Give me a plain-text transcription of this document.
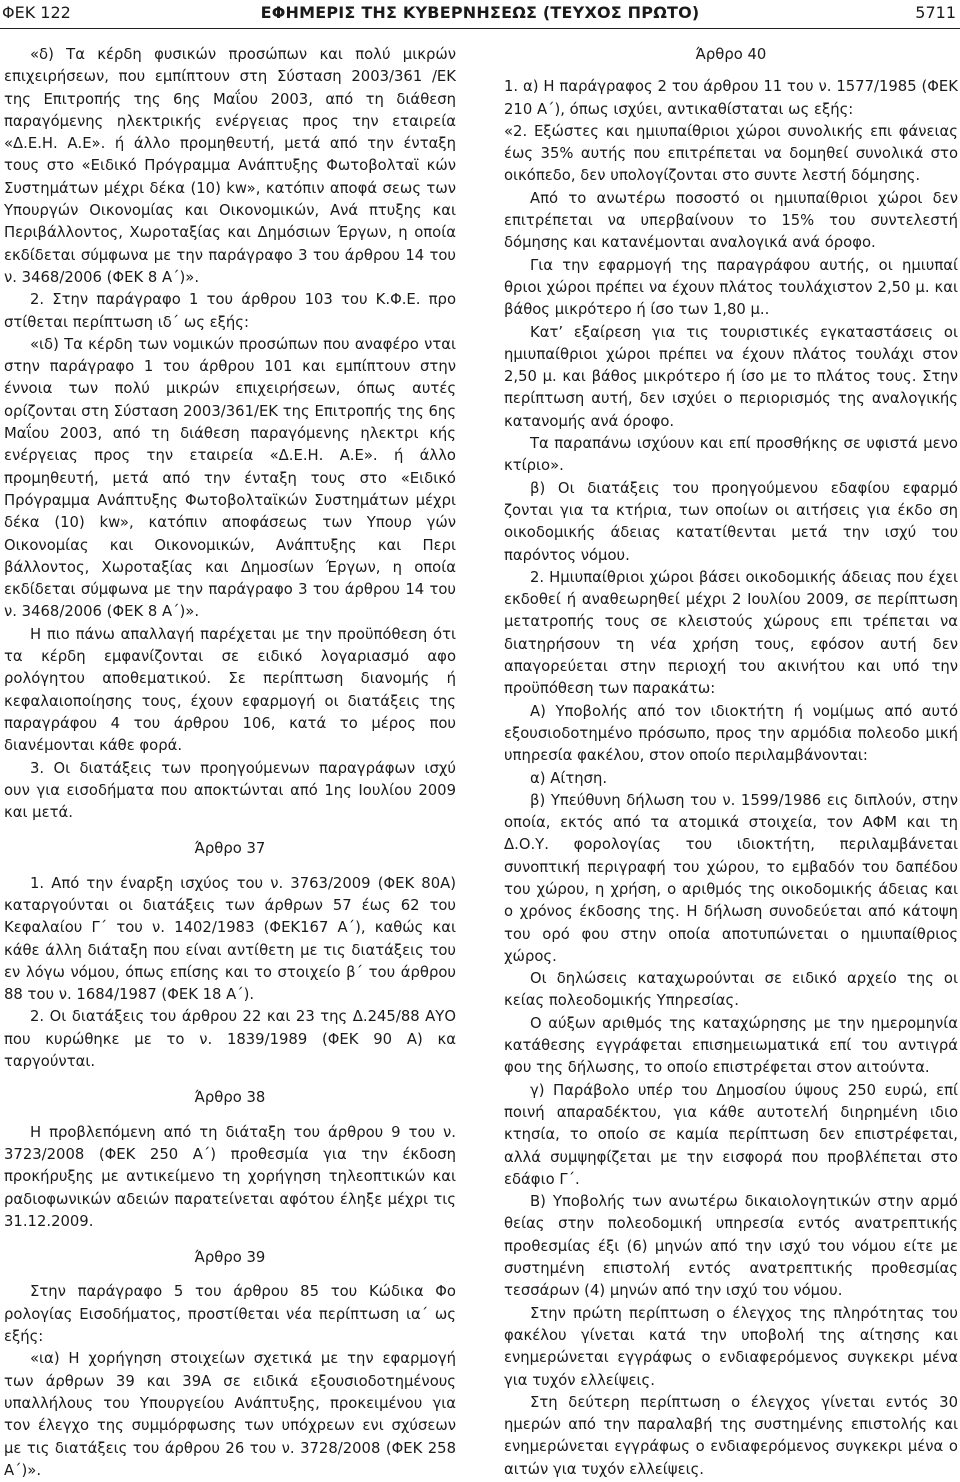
ΦΕΚ 122	ΕΦΗΜΕΡΙΣ ΤΗΣ ΚΥΒΕΡΝΗΣΕΩΣ (ΤΕΥΧΟΣ ΠΡΩΤΟ)	5711

«δ) Τα κέρδη φυσικών προσώπων και πολύ μικρών επιχειρήσεων, που εμπίπτουν στη Σύσταση 2003/361 /ΕΚ της Επιτροπής της 6ης Μαΐου 2003, από τη διάθεση παραγόμενης ηλεκτρικής ενέργειας προς την εταιρεία «Δ.Ε.Η. Α.Ε». ή άλλο προμηθευτή, μετά από την ένταξη τους στο «Ειδικό Πρόγραμμα Ανάπτυξης Φωτοβολταϊ κών Συστημάτων μέχρι δέκα (10) kw», κατόπιν αποφά σεως των Υπουργών Οικονομίας και Οικονομικών, Ανά πτυξης και Περιβάλλοντος, Χωροταξίας και Δημόσιων Έργων, η οποία εκδίδεται σύμφωνα με την παράγραφο 3 του άρθρου 14 του ν. 3468/2006 (ΦΕΚ 8 Α΄)».

2. Στην παράγραφο 1 του άρθρου 103 του Κ.Φ.Ε. προ στίθεται περίπτωση ιδ΄ ως εξής:

«ιδ) Τα κέρδη των νομικών προσώπων που αναφέρο νται στην παράγραφο 1 του άρθρου 101 και εμπίπτουν στην έννοια των πολύ μικρών επιχειρήσεων, όπως αυτές ορίζονται στη Σύσταση 2003/361/ΕΚ της Επιτροπής της 6ης Μαΐου 2003, από τη διάθεση παραγόμενης ηλεκτρι κής ενέργειας προς την εταιρεία «Δ.Ε.Η. Α.Ε». ή άλλο προμηθευτή, μετά από την ένταξη τους στο «Ειδικό Πρόγραμμα Ανάπτυξης Φωτοβολταϊκών Συστημάτων μέχρι δέκα (10) kw», κατόπιν αποφάσεως των Υπουρ γών Οικονομίας και Οικονομικών, Ανάπτυξης και Περι βάλλοντος, Χωροταξίας και Δημοσίων Έργων, η οποία εκδίδεται σύμφωνα με την παράγραφο 3 του άρθρου 14 του ν. 3468/2006 (ΦΕΚ 8 Α΄)».

Η πιο πάνω απαλλαγή παρέχεται με την προϋπόθεση ότι τα κέρδη εμφανίζονται σε ειδικό λογαριασμό αφο ρολόγητου αποθεματικού. Σε περίπτωση διανομής ή κεφαλαιοποίησης τους, έχουν εφαρμογή οι διατάξεις της παραγράφου 4 του άρθρου 106, κατά το μέρος που διανέμονται κάθε φορά.

3. Οι διατάξεις των προηγούμενων παραγράφων ισχύ ουν για εισοδήματα που αποκτώνται από 1ης Ιουλίου 2009 και μετά.

Άρθρο 37

1. Από την έναρξη ισχύος του ν. 3763/2009 (ΦΕΚ 80Α) καταργούνται οι διατάξεις των άρθρων 57 έως 62 του Κεφαλαίου Γ΄ του ν. 1402/1983 (ΦΕΚ167 Α΄), καθώς και κάθε άλλη διάταξη που είναι αντίθετη με τις διατάξεις του εν λόγω νόμου, όπως επίσης και το στοιχείο β΄ του άρθρου 88 του ν. 1684/1987 (ΦΕΚ 18 Α΄).

2. Οι διατάξεις του άρθρου 22 και 23 της Δ.245/88 ΑΥΟ που κυρώθηκε με το ν. 1839/1989 (ΦΕΚ 90 Α) κα ταργούνται.

Άρθρο 38

Η προβλεπόμενη από τη διάταξη του άρθρου 9 του ν. 3723/2008 (ΦΕΚ 250 Α΄) προθεσμία για την έκδοση προκήρυξης με αντικείμενο τη χορήγηση τηλεοπτικών και ραδιοφωνικών αδειών παρατείνεται αφότου έληξε μέχρι τις 31.12.2009.

Άρθρο 39

Στην παράγραφο 5 του άρθρου 85 του Κώδικα Φο ρολογίας Εισοδήματος, προστίθεται νέα περίπτωση ια΄ ως εξής:

«ια) Η χορήγηση στοιχείων σχετικά με την εφαρμογή των άρθρων 39 και 39Α σε ειδικά εξουσιοδοτημένους υπαλλήλους του Υπουργείου Ανάπτυξης, προκειμένου για τον έλεγχο της συμμόρφωσης των υπόχρεων ενι σχύσεων με τις διατάξεις του άρθρου 26 του ν. 3728/2008 (ΦΕΚ 258 Α΄)».

Άρθρο 40

1. α) Η παράγραφος 2 του άρθρου 11 του ν. 1577/1985 (ΦΕΚ 210 Α΄), όπως ισχύει, αντικαθίσταται ως εξής:

«2. Εξώστες και ημιυπαίθριοι χώροι συνολικής επι φάνειας έως 35% αυτής που επιτρέπεται να δομηθεί συνολικά στο οικόπεδο, δεν υπολογίζονται στο συντε λεστή δόμησης.

Από το ανωτέρω ποσοστό οι ημιυπαίθριοι χώροι δεν επιτρέπεται να υπερβαίνουν το 15% του συντελεστή δόμησης και κατανέμονται αναλογικά ανά όροφο.

Για την εφαρμογή της παραγράφου αυτής, οι ημιυπαί θριοι χώροι πρέπει να έχουν πλάτος τουλάχιστον 2,50 μ. και βάθος μικρότερο ή ίσο των 1,80 μ..

Κατ’ εξαίρεση για τις τουριστικές εγκαταστάσεις οι ημιυπαίθριοι χώροι πρέπει να έχουν πλάτος τουλάχι στον 2,50 μ. και βάθος μικρότερο ή ίσο με το πλάτος τους. Στην περίπτωση αυτή, δεν ισχύει ο περιορισμός της αναλογικής κατανομής ανά όροφο.

Τα παραπάνω ισχύουν και επί προσθήκης σε υφιστά μενο κτίριο».

β) Οι διατάξεις του προηγούμενου εδαφίου εφαρμό ζονται για τα κτήρια, των οποίων οι αιτήσεις για έκδο ση οικοδομικής άδειας κατατίθενται μετά την ισχύ του παρόντος νόμου.

2. Ημιυπαίθριοι χώροι βάσει οικοδομικής άδειας που έχει εκδοθεί ή αναθεωρηθεί μέχρι 2 Ιουλίου 2009, σε περίπτωση μετατροπής τους σε κλειστούς χώρους επι τρέπεται να διατηρήσουν τη νέα χρήση τους, εφόσον αυτή δεν απαγορεύεται στην περιοχή του ακινήτου και υπό την προϋπόθεση των παρακάτω:

Α) Υποβολής από τον ιδιοκτήτη ή νομίμως από αυτό εξουσιοδοτημένο πρόσωπο, προς την αρμόδια πολεοδο μική υπηρεσία φακέλου, στον οποίο περιλαμβάνονται:

α) Αίτηση.

β) Υπεύθυνη δήλωση του ν. 1599/1986 εις διπλούν, στην οποία, εκτός από τα ατομικά στοιχεία, τον ΑΦΜ και τη Δ.Ο.Υ. φορολογίας του ιδιοκτήτη, περιλαμβάνεται συνοπτική περιγραφή του χώρου, το εμβαδόν του δαπέδου του χώρου, η χρήση, ο αριθμός της οικοδομικής άδειας και ο χρόνος έκδοσης της. Η δήλωση συνοδεύεται από κάτοψη του ορό φου στην οποία αποτυπώνεται ο ημιυπαίθριος χώρος.

Οι δηλώσεις καταχωρούνται σε ειδικό αρχείο της οι κείας πολεοδομικής Υπηρεσίας.

Ο αύξων αριθμός της καταχώρησης με την ημερομηνία κατάθεσης εγγράφεται επισημειωματικά επί του αντιγρά φου της δήλωσης, το οποίο επιστρέφεται στον αιτούντα.

γ) Παράβολο υπέρ του Δημοσίου ύψους 250 ευρώ, επί ποινή απαραδέκτου, για κάθε αυτοτελή διηρημένη ιδιο κτησία, το οποίο σε καμία περίπτωση δεν επιστρέφεται, αλλά συμψηφίζεται με την εισφορά που προβλέπεται στο εδάφιο Γ΄.

Β) Υποβολής των ανωτέρω δικαιολογητικών στην αρμό θείας στην πολεοδομική υπηρεσία εντός ανατρεπτικής προθεσμίας έξι (6) μηνών από την ισχύ του νόμου είτε με συστημένη επιστολή εντός ανατρεπτικής προθεσμίας τεσσάρων (4) μηνών από την ισχύ του νόμου.

Στην πρώτη περίπτωση ο έλεγχος της πληρότητας του φακέλου γίνεται κατά την υποβολή της αίτησης και ενημερώνεται εγγράφως ο ενδιαφερόμενος συγκεκρι μένα για τυχόν ελλείψεις.

Στη δεύτερη περίπτωση ο έλεγχος γίνεται εντός 30 ημερών από την παραλαβή της συστημένης επιστολής και ενημερώνεται εγγράφως ο ενδιαφερόμενος συγκεκρι μένα ο αιτών για τυχόν ελλείψεις.
